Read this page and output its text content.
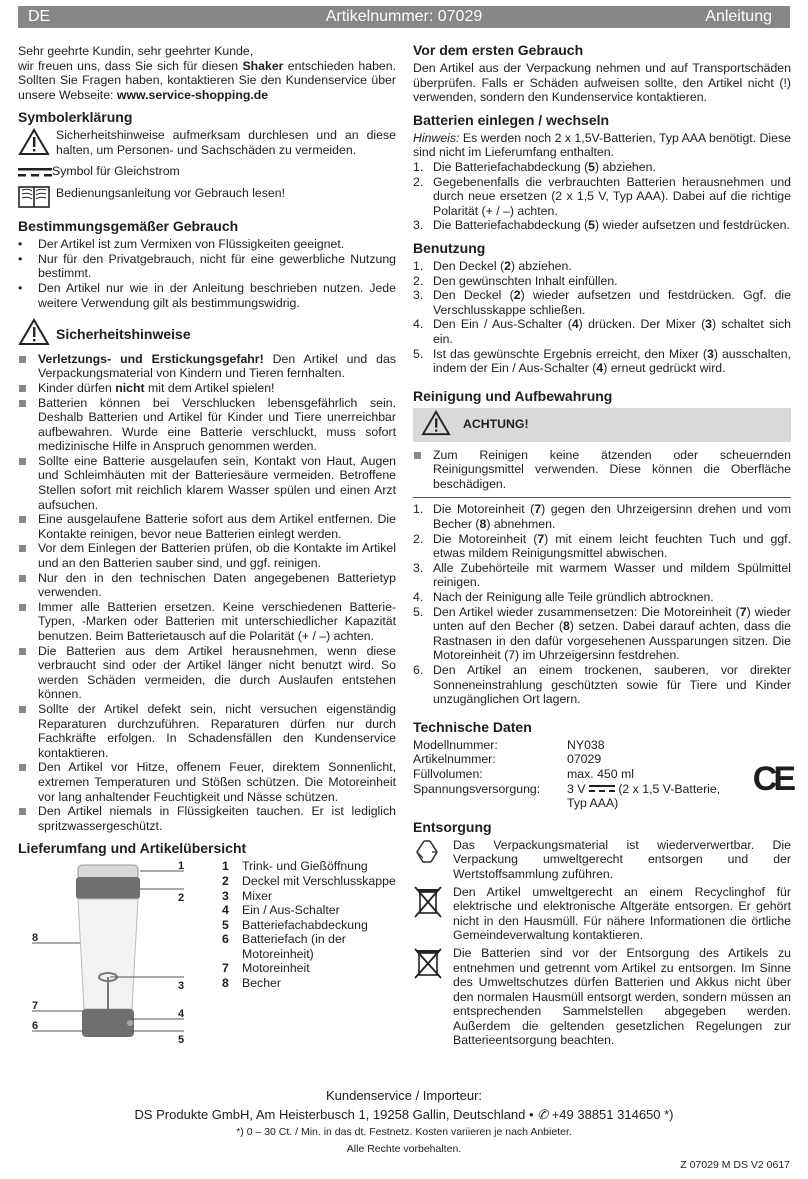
DE	Artikelnummer: 07029	Anleitung

Sehr geehrte Kundin, sehr geehrter Kunde,

wir freuen uns, dass Sie sich für diesen Shaker entschieden haben. Sollten Sie Fragen haben, kontaktieren Sie den Kundenservice über unsere Webseite: www.service-shopping.de

Symbolerklärung
Sicherheitshinweise aufmerksam durchlesen und an diese halten, um Personen- und Sachschäden zu vermeiden.
Symbol für Gleichstrom
Bedienungsanleitung vor Gebrauch lesen!
Bestimmungsgemäßer Gebrauch
• Der Artikel ist zum Vermixen von Flüssigkeiten geeignet.
• Nur für den Privatgebrauch, nicht für eine gewerbliche Nutzung bestimmt.
• Den Artikel nur wie in der Anleitung beschrieben nutzen. Jede weitere Verwendung gilt als bestimmungswidrig.
Sicherheitshinweise
Verletzungs- und Erstickungsgefahr! Den Artikel und das Verpackungsmaterial von Kindern und Tieren fernhalten.
Kinder dürfen nicht mit dem Artikel spielen!
Batterien können bei Verschlucken lebensgefährlich sein. Deshalb Batterien und Artikel für Kinder und Tiere unerreichbar aufbewahren. Wurde eine Batterie verschluckt, muss sofort medizinische Hilfe in Anspruch genommen werden.
Sollte eine Batterie ausgelaufen sein, Kontakt von Haut, Augen und Schleimhäuten mit der Batteriesäure vermeiden. Betroffene Stellen sofort mit reichlich klarem Wasser spülen und einen Arzt aufsuchen.
Eine ausgelaufene Batterie sofort aus dem Artikel entfernen. Die Kontakte reinigen, bevor neue Batterien einlegt werden.
Vor dem Einlegen der Batterien prüfen, ob die Kontakte im Artikel und an den Batterien sauber sind, und ggf. reinigen.
Nur den in den technischen Daten angegebenen Batterietyp verwenden.
Immer alle Batterien ersetzen. Keine verschiedenen Batterie-Typen, -Marken oder Batterien mit unterschiedlicher Kapazität benutzen. Beim Batterietausch auf die Polarität (+ / –) achten.
Die Batterien aus dem Artikel herausnehmen, wenn diese verbraucht sind oder der Artikel länger nicht benutzt wird. So werden Schäden vermeiden, die durch Auslaufen entstehen können.
Sollte der Artikel defekt sein, nicht versuchen eigenständig Reparaturen durchzuführen. Reparaturen dürfen nur durch Fachkräfte erfolgen. In Schadensfällen den Kundenservice kontaktieren.
Den Artikel vor Hitze, offenem Feuer, direktem Sonnenlicht, extremen Temperaturen und Stößen schützen. Die Motoreinheit vor lang anhaltender Feuchtigkeit und Nässe schützen.
Den Artikel niemals in Flüssigkeiten tauchen. Er ist lediglich spritzwassergeschützt.
Lieferumfang und Artikelübersicht
1
2
3
4
5
6
7
8
1	Trink- und Gießöffnung
2	Deckel mit Verschlusskappe
3	Mixer
4	Ein / Aus-Schalter
5	Batteriefachabdeckung
6	Batteriefach (in der Motoreinheit)
7	Motoreinheit
8	Becher
Vor dem ersten Gebrauch

Den Artikel aus der Verpackung nehmen und auf Transportschäden überprüfen. Falls er Schäden aufweisen sollte, den Artikel nicht (!) verwenden, sondern den Kundenservice kontaktieren.

Batterien einlegen / wechseln

Hinweis: Es werden noch 2 x 1,5V-Batterien, Typ AAA benötigt. Diese sind nicht im Lieferumfang enthalten.

1. Die Batteriefachabdeckung (5) abziehen.
2. Gegebenenfalls die verbrauchten Batterien herausnehmen und durch neue ersetzen (2 x 1,5 V, Typ AAA). Dabei auf die richtige Polarität (+ / –) achten.
3. Die Batteriefachabdeckung (5) wieder aufsetzen und festdrücken.
Benutzung
1. Den Deckel (2) abziehen.
2. Den gewünschten Inhalt einfüllen.
3. Den Deckel (2) wieder aufsetzen und festdrücken. Ggf. die Verschlusskappe schließen.
4. Den Ein / Aus-Schalter (4) drücken. Der Mixer (3) schaltet sich ein.
5. Ist das gewünschte Ergebnis erreicht, den Mixer (3) ausschalten, indem der Ein / Aus-Schalter (4) erneut gedrückt wird.
Reinigung und Aufbewahrung
ACHTUNG!
Zum Reinigen keine ätzenden oder scheuernden Reinigungsmittel verwenden. Diese können die Oberfläche beschädigen.
1. Die Motoreinheit (7) gegen den Uhrzeigersinn drehen und vom Becher (8) abnehmen.
2. Die Motoreinheit (7) mit einem leicht feuchten Tuch und ggf. etwas mildem Reinigungsmittel abwischen.
3. Alle Zubehörteile mit warmem Wasser und mildem Spülmittel reinigen.
4. Nach der Reinigung alle Teile gründlich abtrocknen.
5. Den Artikel wieder zusammensetzen: Die Motoreinheit (7) wieder unten auf den Becher (8) setzen. Dabei darauf achten, dass die Rastnasen in den dafür vorgesehenen Aussparungen sitzen. Die Motoreinheit (7) im Uhrzeigersinn festdrehen.
6. Den Artikel an einem trockenen, sauberen, vor direkter Sonneneinstrahlung geschützten sowie für Tiere und Kinder unzugänglichen Ort lagern.
Technische Daten
Modellnummer:	NY038
Artikelnummer:	07029
Füllvolumen:	max. 450 ml
Spannungsversorgung:	3 V	(2 x 1,5 V-Batterie,
Typ AAA)
Entsorgung
Das Verpackungsmaterial ist wiederverwertbar. Die Verpackung umweltgerecht entsorgen und der Wertstoffsammlung zuführen.
Den Artikel umweltgerecht an einem Recyclinghof für elektrische und elektronische Altgeräte entsorgen. Er gehört nicht in den Hausmüll. Für nähere Informationen die örtliche Gemeindeverwaltung kontaktieren.
Die Batterien sind vor der Entsorgung des Artikels zu entnehmen und getrennt vom Artikel zu entsorgen. Im Sinne des Umweltschutzes dürfen Batterien und Akkus nicht über den normalen Hausmüll entsorgt werden, sondern müssen an entsprechenden Sammelstellen abgegeben werden. Außerdem die geltenden gesetzlichen Regelungen zur Batterieentsorgung beachten.
CE
Kundenservice / Importeur:
DS Produkte GmbH, Am Heisterbusch 1, 19258 Gallin, Deutschland • ✆ +49 38851 314650 *)
*) 0 – 30 Ct. / Min. in das dt. Festnetz. Kosten variieren je nach Anbieter.
Alle Rechte vorbehalten.
Z 07029 M DS V2 0617
